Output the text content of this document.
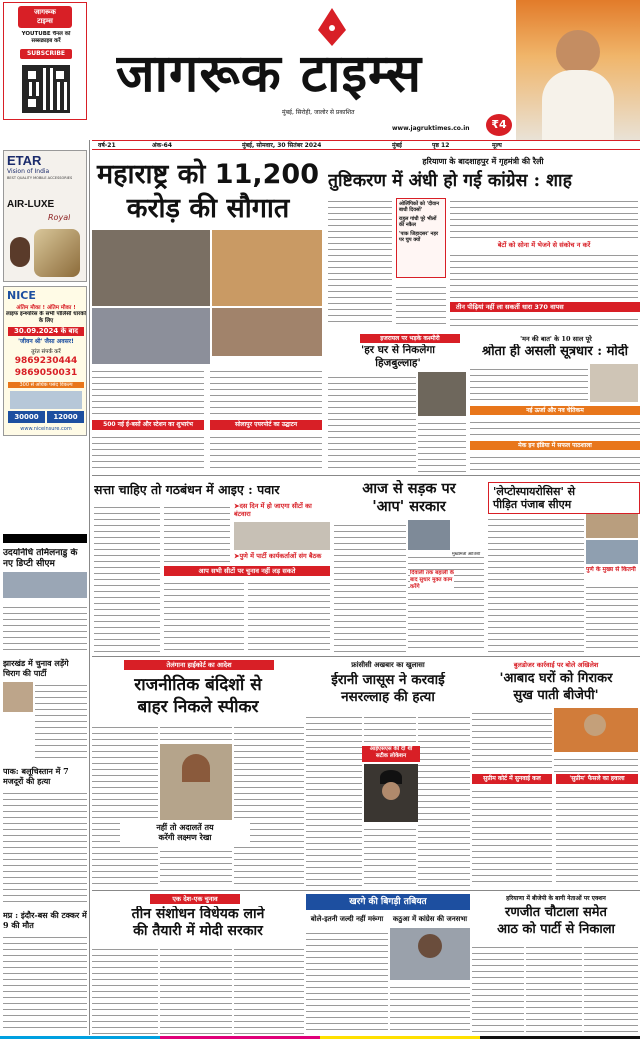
जागरूक
टाइम्स
YOUTUBE चैनल को
सब्सक्राइब करें
SUBSCRIBE
ETAR
Vision of India
BEST QUALITY MOBILE ACCESSORIES
AIR-LUXE
Royal
NICE
अंतिम मौका ! अंतिम मौका !
लाइफ इन्श्योरेंस के सभी पॉलिसी धारकों के लिए
30.09.2024 के बाद
'जीवन श्री' जैसा अवसर!
तुरंत संपर्क करें
9869230444
9869050031
300 से अधिक पसंद विकल्प
30000	12000
www.niceinsure.com
उदयनिधि तमिलनाडु के नए डिप्टी सीएम
झारखंड में चुनाव लड़ेंगे चिराग की पार्टी
पाक: बलूचिस्तान में 7 मजदूरों की हत्या
मप्र : इंदौर-बस की टक्कर में 9 की मौत
जागरूक टाइम्स
मुंबई, सिरोही, जालोर से प्रकाशित
www.jagruktimes.co.in	₹4
वर्ष-21	अंक-64	मुंबई, सोमवार, 30 सितंबर 2024	मुंबई	पृष्ठ 12	मूल्य
महाराष्ट्र को 11,200
करोड़ की सौगात
500 नई ई-बसों और स्टेशन का शुभारंभ	सोलापुर एयरपोर्ट का उद्घाटन
हरियाणा के बादशाहपुर में गृहमंत्री की रैली
तुष्टिकरण में अंधी हो गई कांग्रेस : शाह
ओलिंपिकों को 'दीवान बाधी दिवसों'
राहुल गांधी पूरे भीलों की नकैल
'पाक जिहादसर' नहर पर चुप क्यों
बेटों को सोना में भेजने से संकोच न करें
तीन पीढ़ियां नहीं ला सकतीं धारा 370 वापस
इजरायल पर भड़के कश्मीरी
'हर घर से निकलेगा
हिजबुल्लाह'
'मन की बात' के 10 साल पूरे
श्रोता ही असली सूत्रधार : मोदी
नई ऊर्जा और नव चेतिकम
मेक इन इंडिया में सफल पाठशाला
सत्ता चाहिए तो गठबंधन में आइए : पवार
➤दस दिन में हो जाएगा सीटों का बंटवारा
➤पुणे में पार्टी कार्यकर्ताओं संग बैठक
आप सभी सीटों पर चुनाव नहीं लड़ सकते
आज से सड़क पर
'आप' सरकार
दिवाली तक बहाली के बाद सुधार मुक्त काम करेंगे
मुख्यमंत्री आतिशी
'लेप्टोस्पायरोसिस' से
पीड़ित पंजाब सीएम
पुणे के मुख्य से कितनी
तेलंगाना हाईकोर्ट का आदेश
राजनीतिक बंदिशों से
बाहर निकले स्पीकर
नहीं तो अदालतें तय
करेंगी लक्ष्मण रेखा
फ्रांसीसी अखबार का खुलासा
ईरानी जासूस ने करवाई
नसरल्लाह की हत्या
आईएसएस की दी थी
सटीक लोकेशन
बुलडोजर कार्रवाई पर बोले अखिलेश
'आबाद घरों को गिराकर
सुख पाती बीजेपी'
सुप्रीम कोर्ट में सुनवाई कल	'सुप्रीम' फैसले का हवाला
एक देश-एक चुनाव
तीन संशोधन विधेयक लाने
की तैयारी में मोदी सरकार
खरगे की बिगड़ी तबियत
बोले-इतनी जल्दी नहीं मरूंगा	कठुआ में कांग्रेस की जनसभा
हरियाणा में बीजेपी के बागी नेताओं पर एक्शन
रणजीत चौटाला समेत
आठ को पार्टी से निकाला
